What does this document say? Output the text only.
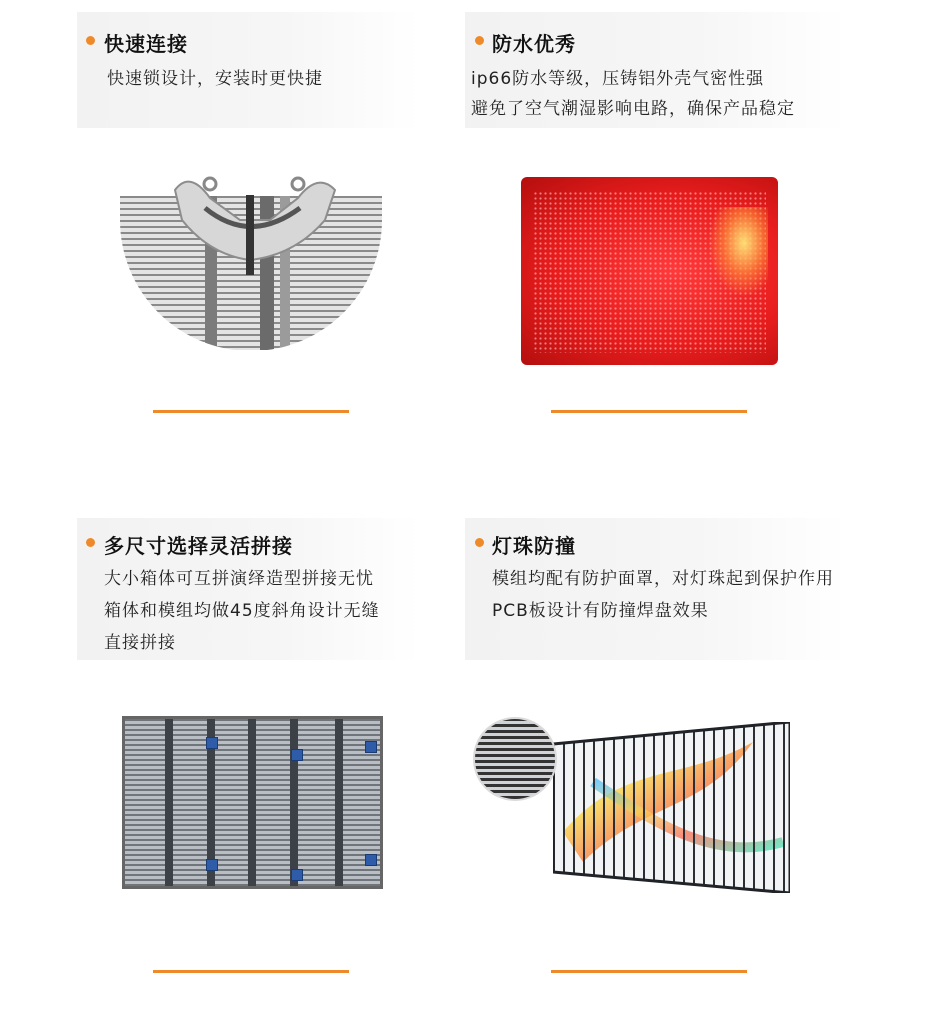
快速连接
快速锁设计，安装时更快捷
防水优秀
ip66防水等级，压铸铝外壳气密性强
避免了空气潮湿影响电路，确保产品稳定
多尺寸选择灵活拼接
大小箱体可互拼演绎造型拼接无忧
箱体和模组均做45度斜角设计无缝
直接拼接
灯珠防撞
模组均配有防护面罩，对灯珠起到保护作用
PCB板设计有防撞焊盘效果
